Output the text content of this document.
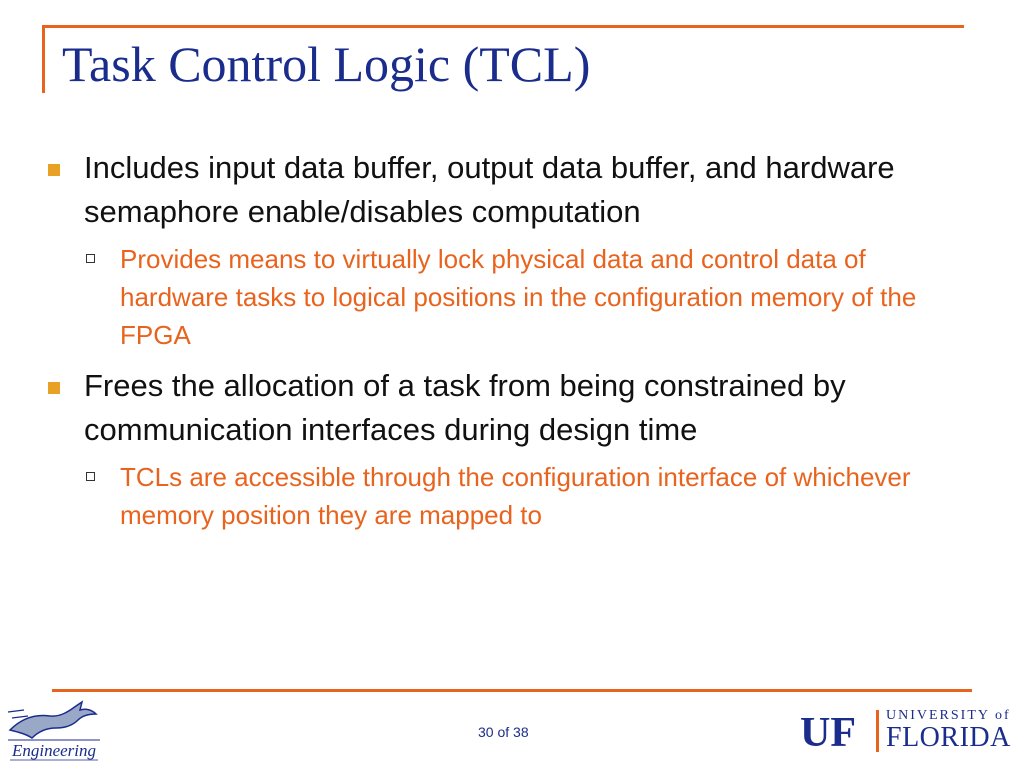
Task Control Logic (TCL)
Includes input data buffer, output data buffer, and hardware semaphore enable/disables computation
Provides means to virtually lock physical data and control data of hardware tasks to logical positions in the configuration memory of the FPGA
Frees the allocation of a task from being constrained by communication interfaces during design time
TCLs are accessible through the configuration interface of whichever memory position they are mapped to
30 of 38
Engineering	UF UNIVERSITY of
FLORIDA
